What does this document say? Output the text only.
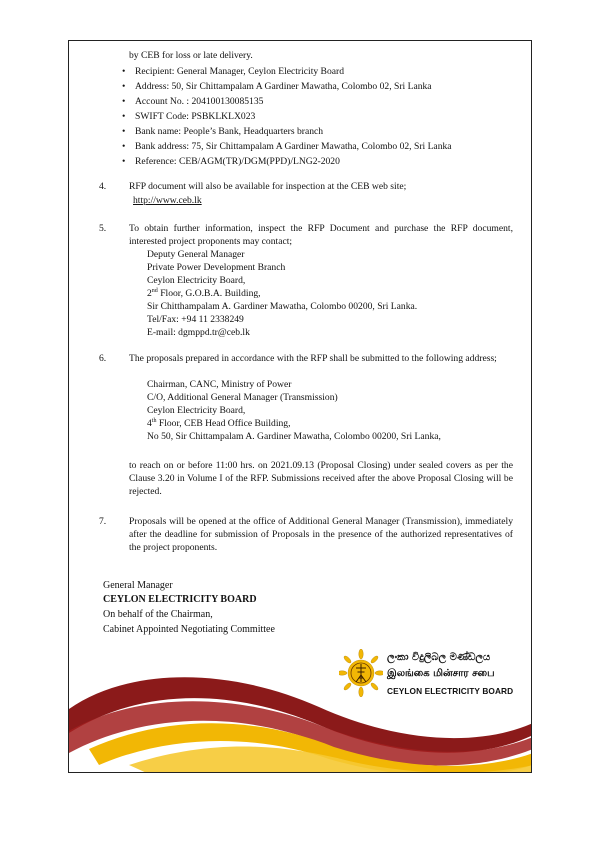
by CEB for loss or late delivery.
• Recipient: General Manager, Ceylon Electricity Board
• Address: 50, Sir Chittampalam A Gardiner Mawatha, Colombo 02, Sri Lanka
• Account No. : 204100130085135
• SWIFT Code: PSBKLKLX023
• Bank name: People’s Bank, Headquarters branch
• Bank address: 75, Sir Chittampalam A Gardiner Mawatha, Colombo 02, Sri Lanka
• Reference: CEB/AGM(TR)/DGM(PPD)/LNG2-2020
4. RFP document will also be available for inspection at the CEB web site;
http://www.ceb.lk
5. To obtain further information, inspect the RFP Document and purchase the RFP document, interested project proponents may contact;
Deputy General Manager
Private Power Development Branch
Ceylon Electricity Board,
2nd Floor, G.O.B.A. Building,
Sir Chitthampalam A. Gardiner Mawatha, Colombo 00200, Sri Lanka.
Tel/Fax: +94 11 2338249
E-mail: dgmppd.tr@ceb.lk
6. The proposals prepared in accordance with the RFP shall be submitted to the following address;
Chairman, CANC, Ministry of Power
C/O, Additional General Manager (Transmission)
Ceylon Electricity Board,
4th Floor, CEB Head Office Building,
No 50, Sir Chittampalam A. Gardiner Mawatha, Colombo 00200, Sri Lanka,
to reach on or before 11:00 hrs. on 2021.09.13 (Proposal Closing) under sealed covers as per the Clause 3.20 in Volume I of the RFP. Submissions received after the above Proposal Closing will be rejected.
7. Proposals will be opened at the office of Additional General Manager (Transmission), immediately after the deadline for submission of Proposals in the presence of the authorized representatives of the project proponents.
General Manager
CEYLON ELECTRICITY BOARD
On behalf of the Chairman,
Cabinet Appointed Negotiating Committee
ලංකා විදුලිබල මණ්ඩලය
இலங்கை மின்சார சபை
CEYLON ELECTRICITY BOARD
